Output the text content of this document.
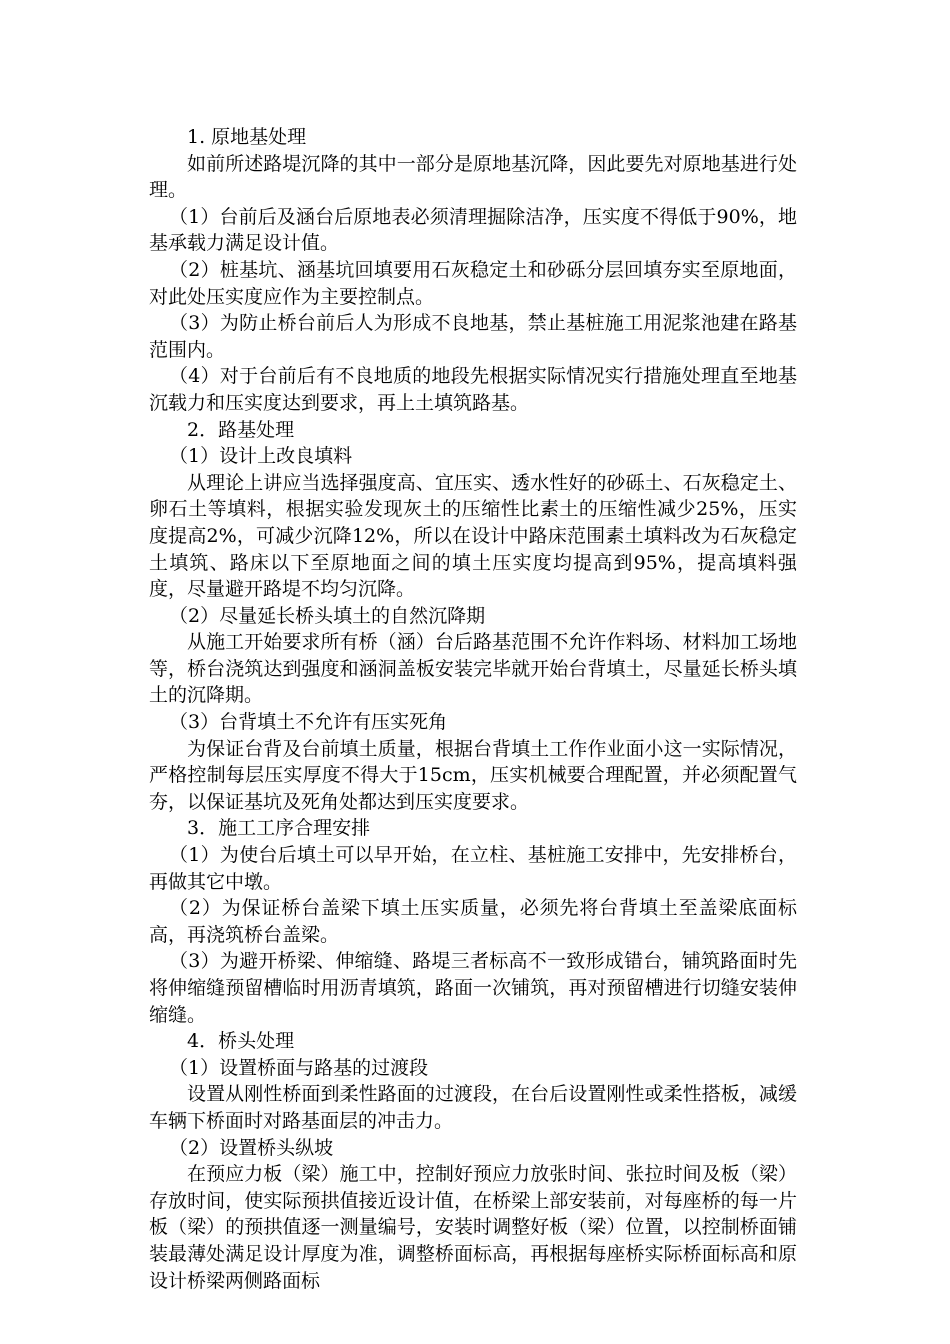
1. 原地基处理

如前所述路堤沉降的其中一部分是原地基沉降，因此要先对原地基进行处理。

（1）台前后及涵台后原地表必须清理掘除洁净，压实度不得低于90%，地基承载力满足设计值。

（2）桩基坑、涵基坑回填要用石灰稳定土和砂砾分层回填夯实至原地面，对此处压实度应作为主要控制点。

（3）为防止桥台前后人为形成不良地基，禁止基桩施工用泥浆池建在路基范围内。

（4）对于台前后有不良地质的地段先根据实际情况实行措施处理直至地基沉载力和压实度达到要求，再上土填筑路基。

2．路基处理

（1）设计上改良填料

从理论上讲应当选择强度高、宜压实、透水性好的砂砾土、石灰稳定土、卵石土等填料，根据实验发现灰土的压缩性比素土的压缩性减少25%，压实度提高2%，可减少沉降12%，所以在设计中路床范围素土填料改为石灰稳定土填筑、路床以下至原地面之间的填土压实度均提高到95%，提高填料强度，尽量避开路堤不均匀沉降。

（2）尽量延长桥头填土的自然沉降期

从施工开始要求所有桥（涵）台后路基范围不允许作料场、材料加工场地等，桥台浇筑达到强度和涵洞盖板安装完毕就开始台背填土，尽量延长桥头填土的沉降期。

（3）台背填土不允许有压实死角

为保证台背及台前填土质量，根据台背填土工作作业面小这一实际情况，严格控制每层压实厚度不得大于15cm，压实机械要合理配置，并必须配置气夯，以保证基坑及死角处都达到压实度要求。

3．施工工序合理安排

（1）为使台后填土可以早开始，在立柱、基桩施工安排中，先安排桥台，再做其它中墩。

（2）为保证桥台盖梁下填土压实质量，必须先将台背填土至盖梁底面标高，再浇筑桥台盖梁。

（3）为避开桥梁、伸缩缝、路堤三者标高不一致形成错台，铺筑路面时先将伸缩缝预留槽临时用沥青填筑，路面一次铺筑，再对预留槽进行切缝安装伸缩缝。

4．桥头处理

（1）设置桥面与路基的过渡段

设置从刚性桥面到柔性路面的过渡段，在台后设置刚性或柔性搭板，减缓车辆下桥面时对路基面层的冲击力。

（2）设置桥头纵坡

在预应力板（梁）施工中，控制好预应力放张时间、张拉时间及板（梁）存放时间，使实际预拱值接近设计值，在桥梁上部安装前，对每座桥的每一片板（梁）的预拱值逐一测量编号，安装时调整好板（梁）位置，以控制桥面铺装最薄处满足设计厚度为准，调整桥面标高，再根据每座桥实际桥面标高和原设计桥梁两侧路面标
